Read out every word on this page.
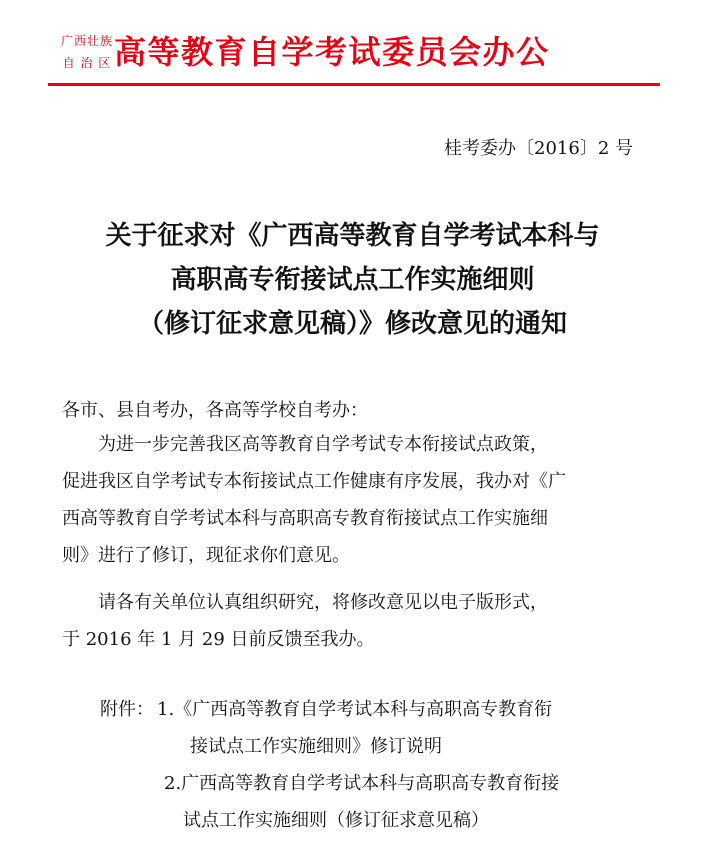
广西壮族
自 治 区 高等教育自学考试委员会办公
桂考委办〔2016〕2 号
关于征求对《广西高等教育自学考试本科与
高职高专衔接试点工作实施细则
（修订征求意见稿）》修改意见的通知
各市、县自考办，各高等学校自考办：
为进一步完善我区高等教育自学考试专本衔接试点政策，
促进我区自学考试专本衔接试点工作健康有序发展，我办对《广
西高等教育自学考试本科与高职高专教育衔接试点工作实施细
则》进行了修订，现征求你们意见。
请各有关单位认真组织研究，将修改意见以电子版形式，
于 2016 年 1 月 29 日前反馈至我办。
附件： 1.《广西高等教育自学考试本科与高职高专教育衔
接试点工作实施细则》修订说明
2.广西高等教育自学考试本科与高职高专教育衔接
试点工作实施细则（修订征求意见稿）
